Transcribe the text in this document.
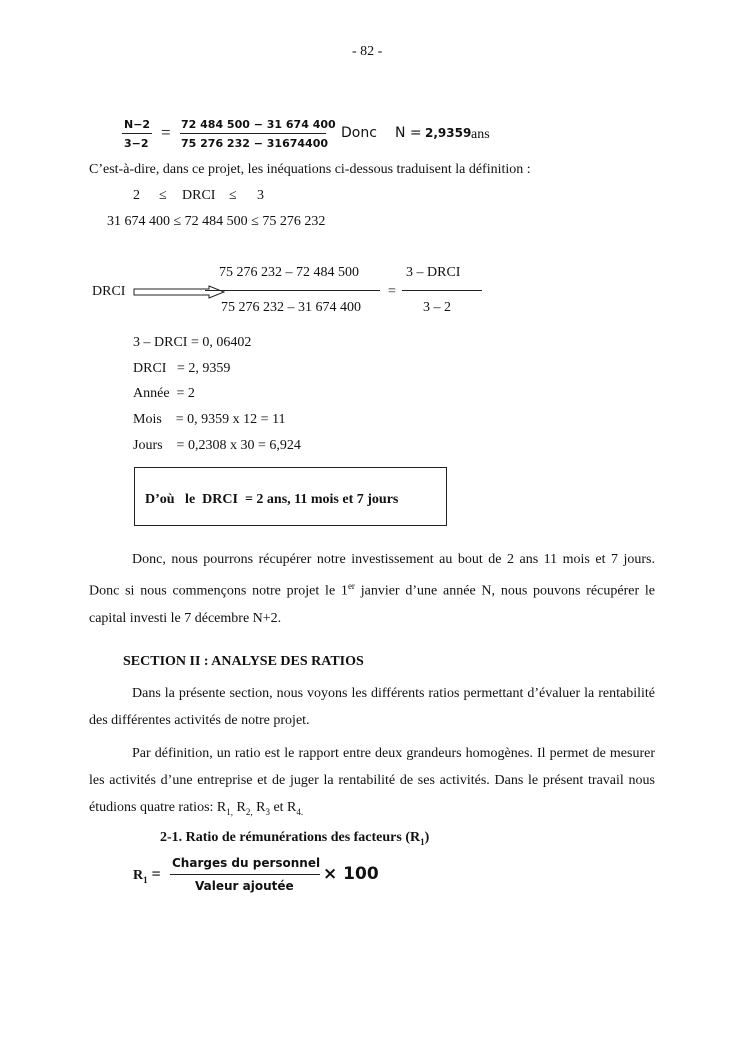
- 82 -
N−2
3−2
= 72 484 500 − 31 674 400
75 276 232 − 31674400
Donc N = 2,9359 ans
C’est-à-dire, dans ce projet, les inéquations ci-dessous traduisent la définition :
2 ≤ DRCI ≤ 3
31 674 400 ≤ 72 484 500 ≤ 75 276 232
DRCI
75 276 232 – 72 484 500
75 276 232 – 31 674 400
=
3 – DRCI
3 – 2
3 – DRCI = 0, 06402
DRCI   = 2, 9359
Année  = 2
Mois    = 0, 9359 x 12 = 11
Jours    = 0,2308 x 30 = 6,924
D’où   le  DRCI  = 2 ans, 11 mois et 7 jours
Donc, nous pourrons récupérer notre investissement au bout de 2 ans 11 mois et 7 jours. Donc si nous commençons notre projet le 1er janvier d’une année N, nous pouvons récupérer le capital investi le 7 décembre N+2.
SECTION II : ANALYSE DES RATIOS
Dans la présente section, nous voyons les différents ratios permettant d’évaluer la rentabilité des différentes activités de notre projet.
Par définition, un ratio est le rapport entre deux grandeurs homogènes. Il permet de mesurer les activités d’une entreprise et de juger la rentabilité de ses activités. Dans le présent travail nous étudions quatre ratios: $R_{1,}$ $R_{2,}$ $R_3$ et $R_{4.}$
2-1. Ratio de rémunérations des facteurs $(R_1)$
$R_1$ =
Charges du personnel
Valeur ajoutée
× 100
